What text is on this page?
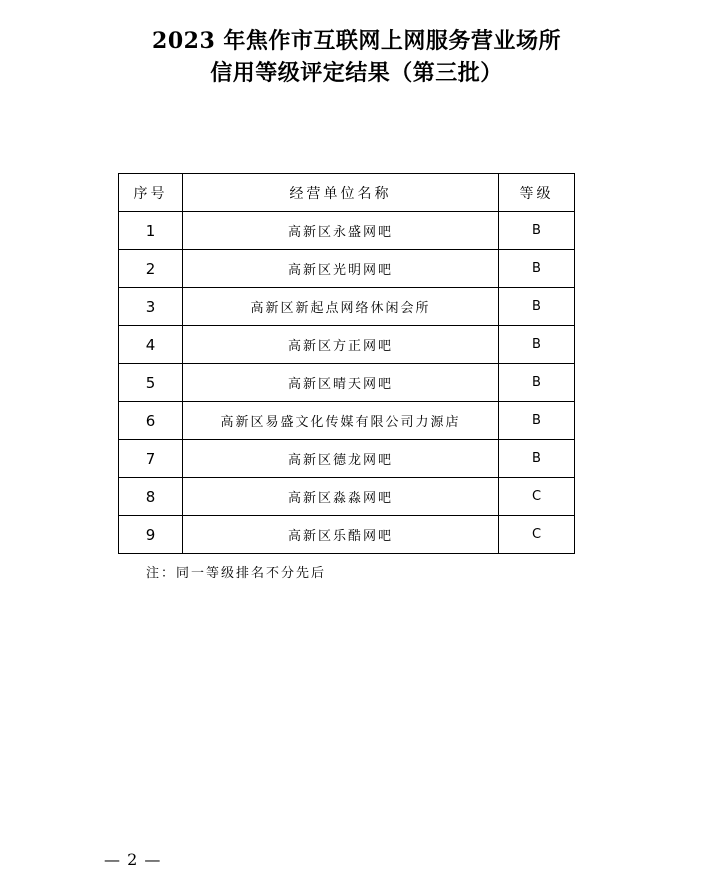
2023 年焦作市互联网上网服务营业场所
信用等级评定结果（第三批）
序号	经营单位名称	等级
1	高新区永盛网吧	B
2	高新区光明网吧	B
3	高新区新起点网络休闲会所	B
4	高新区方正网吧	B
5	高新区晴天网吧	B
6	高新区易盛文化传媒有限公司力源店	B
7	高新区德龙网吧	B
8	高新区淼淼网吧	C
9	高新区乐酷网吧	C
注：同一等级排名不分先后
— 2 —
